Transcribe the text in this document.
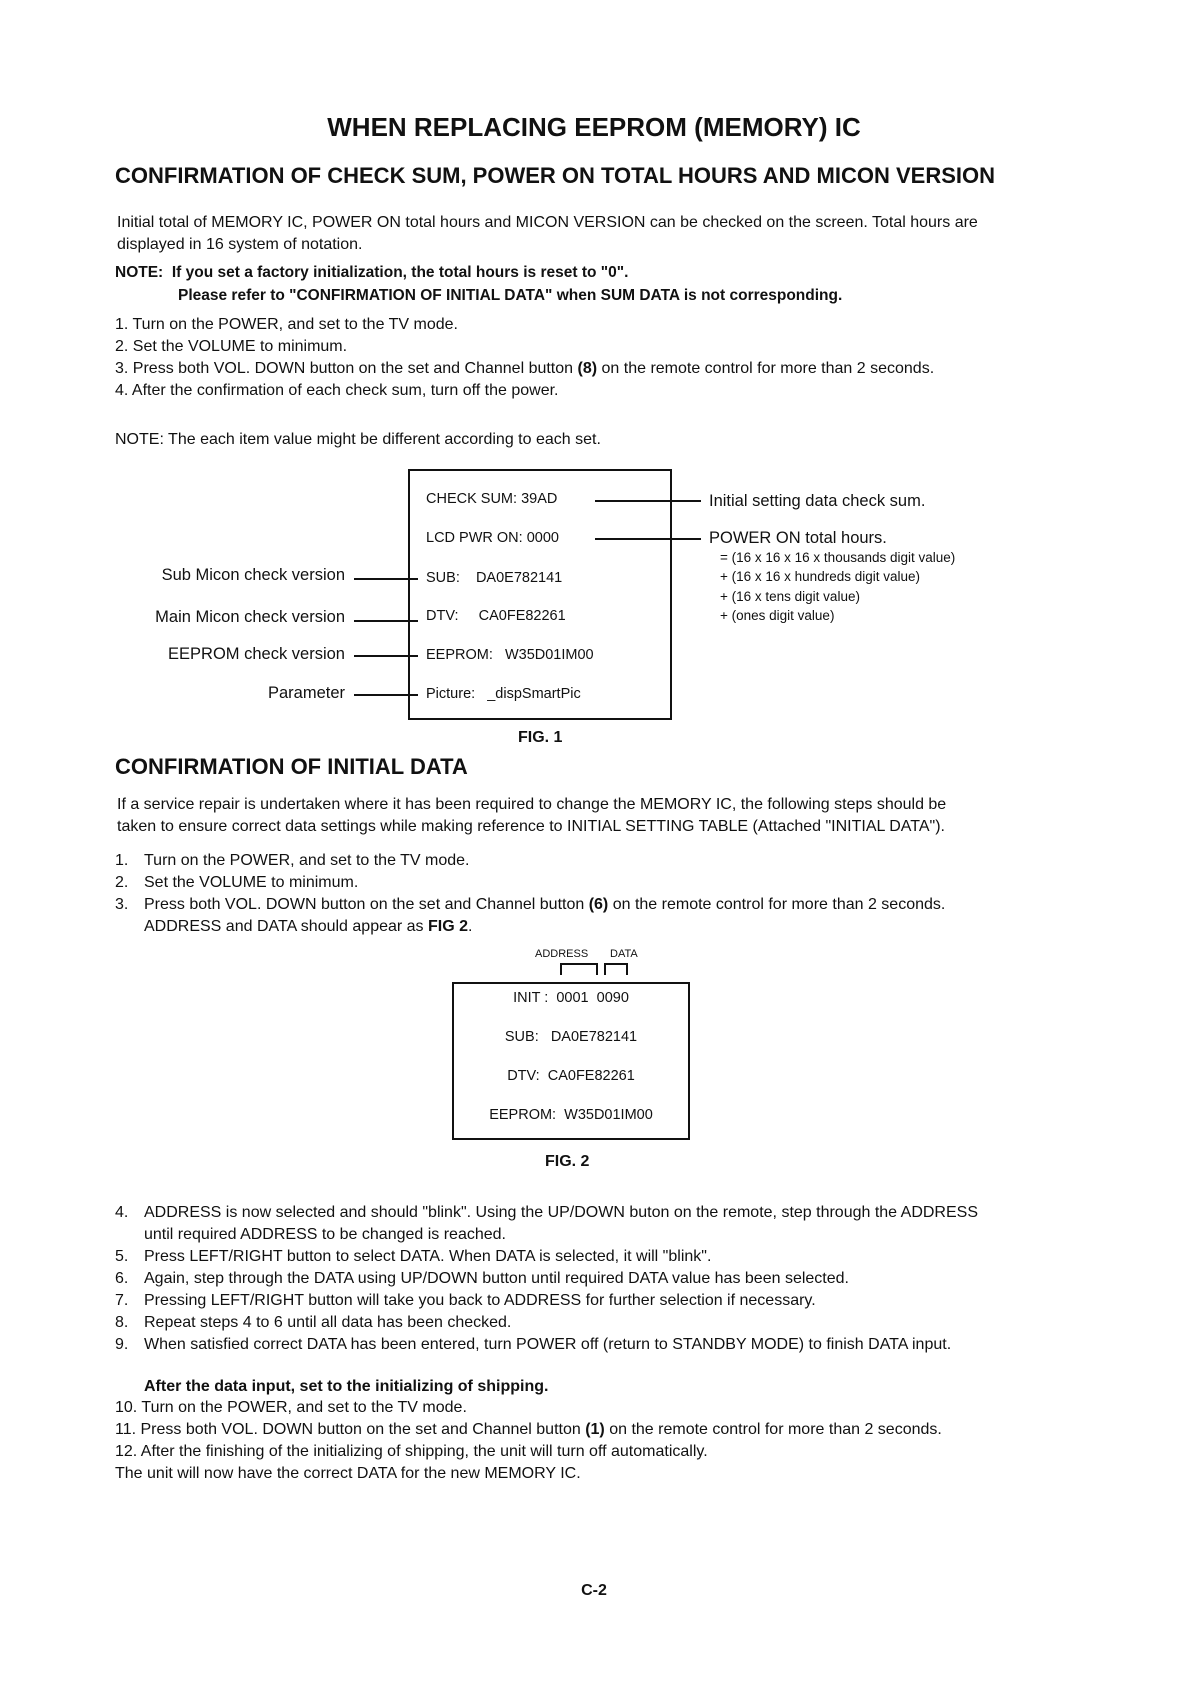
WHEN REPLACING EEPROM (MEMORY) IC
CONFIRMATION OF CHECK SUM, POWER ON TOTAL HOURS AND MICON VERSION
Initial total of MEMORY IC, POWER ON total hours and MICON VERSION can be checked on the screen. Total hours are
displayed in 16 system of notation.
NOTE: If you set a factory initialization, the total hours is reset to "0".
Please refer to "CONFIRMATION OF INITIAL DATA" when SUM DATA is not corresponding.
1. Turn on the POWER, and set to the TV mode.
2. Set the VOLUME to minimum.
3. Press both VOL. DOWN button on the set and Channel button (8) on the remote control for more than 2 seconds.
4. After the confirmation of each check sum, turn off the power.
NOTE: The each item value might be different according to each set.
CHECK SUM: 39AD
LCD PWR ON: 0000
SUB:    DA0E782141
DTV:     CA0FE82261
EEPROM:   W35D01IM00
Picture:   _dispSmartPic
Initial setting data check sum.
POWER ON total hours.
= (16 x 16 x 16 x thousands digit value)
+ (16 x 16 x hundreds digit value)
+ (16 x tens digit value)
+ (ones digit value)
Sub Micon check version
Main Micon check version
EEPROM check version
Parameter
FIG. 1
CONFIRMATION OF INITIAL DATA
If a service repair is undertaken where it has been required to change the MEMORY IC, the following steps should be
taken to ensure correct data settings while making reference to INITIAL SETTING TABLE (Attached "INITIAL DATA").
1. Turn on the POWER, and set to the TV mode.
2. Set the VOLUME to minimum.
3. Press both VOL. DOWN button on the set and Channel button (6) on the remote control for more than 2 seconds.
ADDRESS and DATA should appear as FIG 2.
ADDRESS DATA
INIT :  0001  0090
SUB:   DA0E782141
DTV:  CA0FE82261
EEPROM:  W35D01IM00
FIG. 2
4. ADDRESS is now selected and should "blink". Using the UP/DOWN buton on the remote, step through the ADDRESS
until required ADDRESS to be changed is reached.
5. Press LEFT/RIGHT button to select DATA. When DATA is selected, it will "blink".
6. Again, step through the DATA using UP/DOWN button until required DATA value has been selected.
7. Pressing LEFT/RIGHT button will take you back to ADDRESS for further selection if necessary.
8. Repeat steps 4 to 6 until all data has been checked.
9. When satisfied correct DATA has been entered, turn POWER off (return to STANDBY MODE) to finish DATA input.
After the data input, set to the initializing of shipping.
10. Turn on the POWER, and set to the TV mode.
11. Press both VOL. DOWN button on the set and Channel button (1) on the remote control for more than 2 seconds.
12. After the finishing of the initializing of shipping, the unit will turn off automatically.
The unit will now have the correct DATA for the new MEMORY IC.
C-2
